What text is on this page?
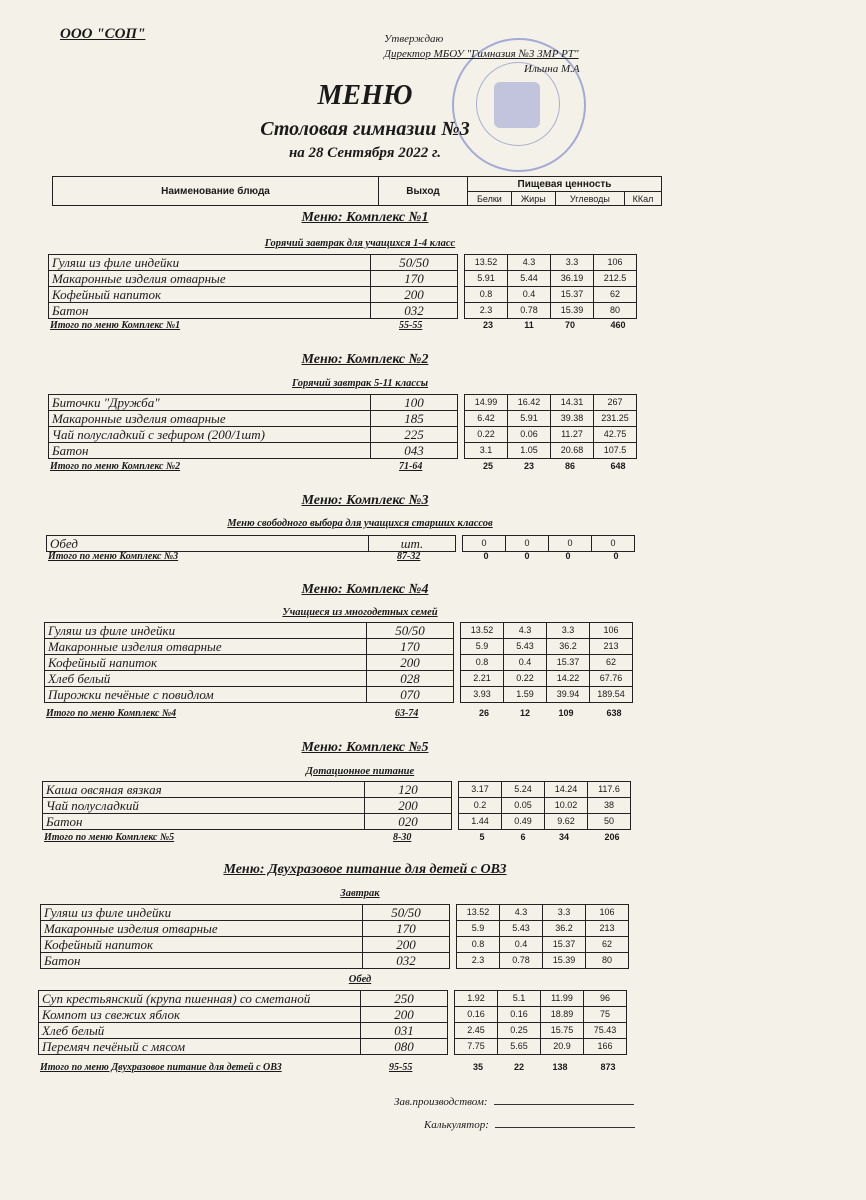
ООО "СОП"	Утверждаю
Директор МБОУ "Гимназия №3 ЗМР РТ"
Ильина М.А
МЕНЮ
Столовая гимназии №3
на 28 Сентября 2022 г.
Наименование блюда	Выход	Пищевая ценность			
		Белки	Жиры	Углеводы	ККал
Меню: Комплекс №1
Горячий завтрак для учащихся 1-4 класс
Гуляш из филе индейки	50/50		13.52	4.3	3.3	106
Макаронные изделия отварные	170		5.91	5.44	36.19	212.5
Кофейный напиток	200		0.8	0.4	15.37	62
Батон	032		2.3	0.78	15.39	80
Итого по меню Комплекс №1	55-55	23	11	70	460
Меню: Комплекс №2
Горячий завтрак 5-11 классы
Биточки "Дружба"	100		14.99	16.42	14.31	267
Макаронные изделия отварные	185		6.42	5.91	39.38	231.25
Чай полусладкий с зефиром (200/1шт)	225		0.22	0.06	11.27	42.75
Батон	043		3.1	1.05	20.68	107.5
Итого по меню Комплекс №2	71-64	25	23	86	648
Меню: Комплекс №3
Меню свободного выбора для учащихся старших классов
Обед	шт.		0	0	0	0
Итого по меню Комплекс №3	87-32	0	0	0	0
Меню: Комплекс №4
Учащиеся из многодетных семей
Гуляш из филе индейки	50/50		13.52	4.3	3.3	106
Макаронные изделия отварные	170		5.9	5.43	36.2	213
Кофейный напиток	200		0.8	0.4	15.37	62
Хлеб белый	028		2.21	0.22	14.22	67.76
Пирожки печёные с повидлом	070		3.93	1.59	39.94	189.54
Итого по меню Комплекс №4	63-74	26	12	109	638
Меню: Комплекс №5
Дотационное питание
Каша овсяная вязкая	120		3.17	5.24	14.24	117.6
Чай полусладкий	200		0.2	0.05	10.02	38
Батон	020		1.44	0.49	9.62	50
Итого по меню Комплекс №5	8-30	5	6	34	206
Меню: Двухразовое питание для детей с ОВЗ
Завтрак
Гуляш из филе индейки	50/50		13.52	4.3	3.3	106
Макаронные изделия отварные	170		5.9	5.43	36.2	213
Кофейный напиток	200		0.8	0.4	15.37	62
Батон	032		2.3	0.78	15.39	80
Обед
Суп крестьянский (крупа пшенная) со сметаной	250		1.92	5.1	11.99	96
Компот из свежих яблок	200		0.16	0.16	18.89	75
Хлеб белый	031		2.45	0.25	15.75	75.43
Перемяч печёный с мясом	080		7.75	5.65	20.9	166
Итого по меню Двухразовое питание для детей с ОВЗ	95-55	35	22	138	873
Зав.производством:
Калькулятор:
